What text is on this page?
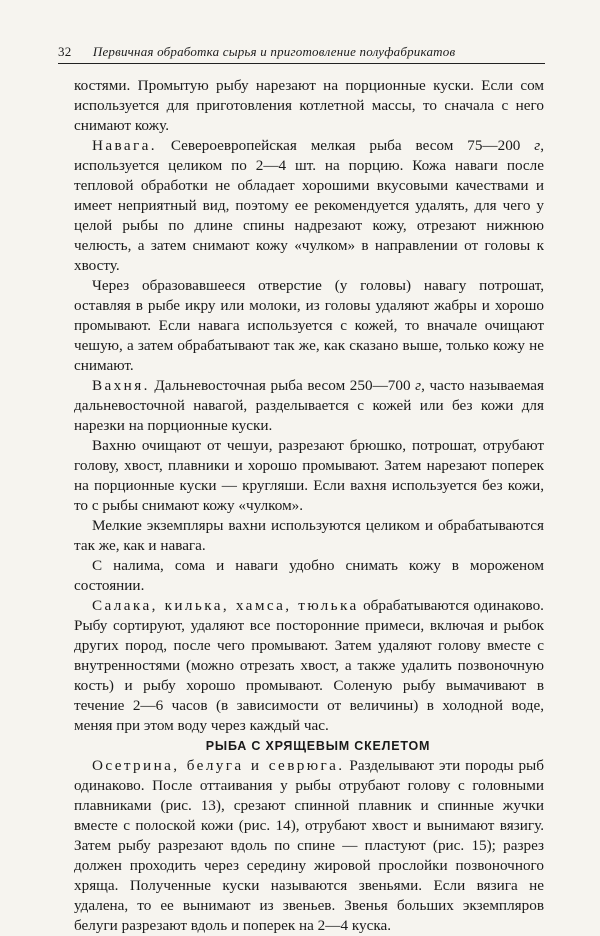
32 Первичная обработка сырья и приготовление полуфабрикатов

костями. Промытую рыбу нарезают на порционные куски. Если сом используется для приготовления котлетной массы, то сначала с него снимают кожу.

Навага. Североевропейская мелкая рыба весом 75—200 г, используется целиком по 2—4 шт. на порцию. Кожа наваги после тепловой обработки не обладает хорошими вкусовыми качествами и имеет неприятный вид, поэтому ее рекомендуется удалять, для чего у целой рыбы по длине спины надрезают кожу, отрезают нижнюю челюсть, а затем снимают кожу «чулком» в направлении от головы к хвосту.

Через образовавшееся отверстие (у головы) навагу потрошат, оставляя в рыбе икру или молоки, из головы удаляют жабры и хорошо промывают. Если навага используется с кожей, то вначале очищают чешую, а затем обрабатывают так же, как сказано выше, только кожу не снимают.

Вахня. Дальневосточная рыба весом 250—700 г, часто называемая дальневосточной навагой, разделывается с кожей или без кожи для нарезки на порционные куски.

Вахню очищают от чешуи, разрезают брюшко, потрошат, отрубают голову, хвост, плавники и хорошо промывают. Затем нарезают поперек на порционные куски — кругляши. Если вахня используется без кожи, то с рыбы снимают кожу «чулком».

Мелкие экземпляры вахни используются целиком и обрабатываются так же, как и навага.

С налима, сома и наваги удобно снимать кожу в мороженом состоянии.

Салака, килька, хамса, тюлька обрабатываются одинаково. Рыбу сортируют, удаляют все посторонние примеси, включая и рыбок других пород, после чего промывают. Затем удаляют голову вместе с внутренностями (можно отрезать хвост, а также удалить позвоночную кость) и рыбу хорошо промывают. Соленую рыбу вымачивают в течение 2—6 часов (в зависимости от величины) в холодной воде, меняя при этом воду через каждый час.

РЫБА С ХРЯЩЕВЫМ СКЕЛЕТОМ

Осетрина, белуга и севрюга. Разделывают эти породы рыб одинаково. После оттаивания у рыбы отрубают голову с головными плавниками (рис. 13), срезают спинной плавник и спинные жучки вместе с полоской кожи (рис. 14), отрубают хвост и вынимают вязигу. Затем рыбу разрезают вдоль по спине — пластуют (рис. 15); разрез должен проходить через середину жировой прослойки позвоночного хряща. Полученные куски называются звеньями. Если вязига не удалена, то ее вынимают из звеньев. Звенья больших экземпляров белуги разрезают вдоль и поперек на 2—4 куска.
